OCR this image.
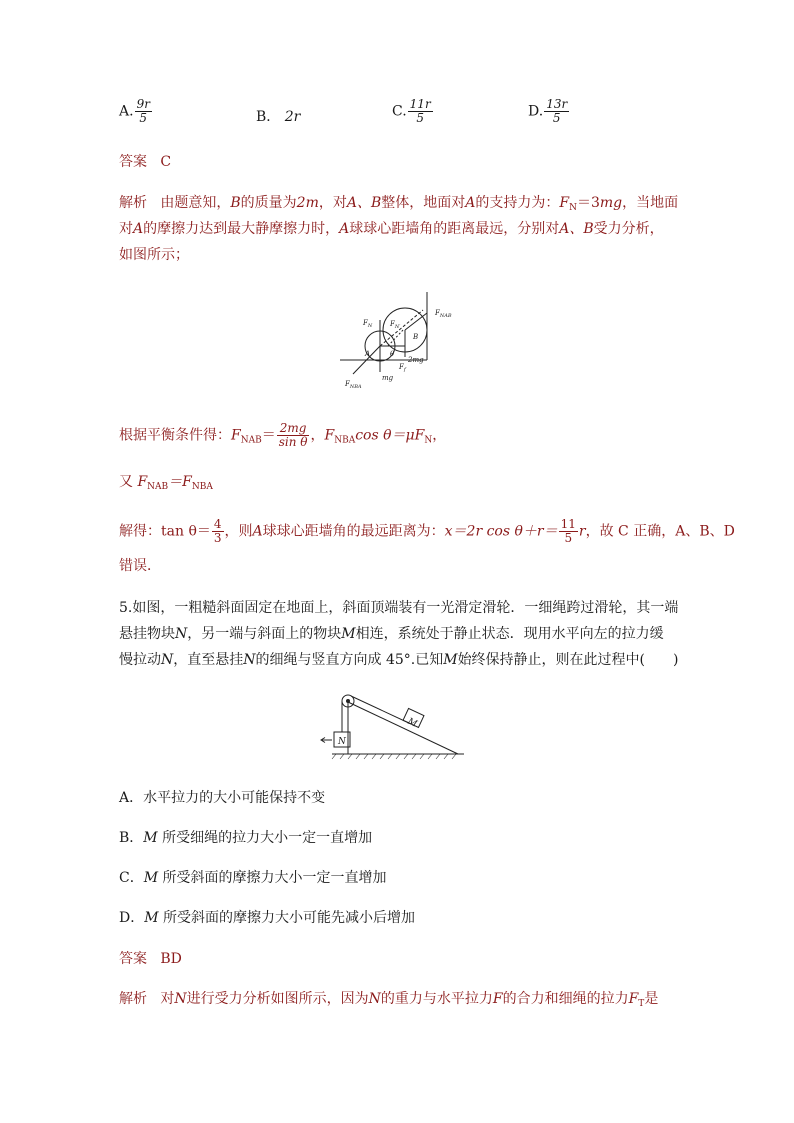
A. $\frac{9r}{5}$	B． 2r	C. $\frac{11r}{5}$	D. $\frac{13r}{5}$
答案 C
解析 由题意知，B的质量为2m，对A、B整体，地面对A的支持力为：$F_N=3mg$，当地面
对A的摩擦力达到最大静摩擦力时，A球球心距墙角的距离最远，分别对A、B受力分析，
如图所示；
$F_N$	$F_{N'}$
$F_{NAB}$
A
B
θ
2mg
mg
$F_f$
$F_{NBA}$
根据平衡条件得：$F_{NAB}= \frac{2mg}{\text{sin θ}}$ ，$F_{NBA}\cos$ $\theta=\mu F_N$，
又 $F_{NAB}=F_{NBA}$
解得：$\tan \theta= \frac{4}{3}$ ，则A球球心距墙角的最远距离为：x＝2r $\cos \theta+r= \frac{11}{5}$ r，故 C 正确，A、B、D
错误．
5.如图，一粗糙斜面固定在地面上，斜面顶端装有一光滑定滑轮．一细绳跨过滑轮，其一端
悬挂物块N，另一端与斜面上的物块M相连，系统处于静止状态．现用水平向左的拉力缓
慢拉动N，直至悬挂N的细绳与竖直方向成 45°.已知M始终保持静止，则在此过程中(　　)
N
M
A．水平拉力的大小可能保持不变
B．M 所受细绳的拉力大小一定一直增加
C．M 所受斜面的摩擦力大小一定一直增加
D．M 所受斜面的摩擦力大小可能先减小后增加
答案 BD
解析 对N进行受力分析如图所示，因为N的重力与水平拉力F的合力和细绳的拉力$F_T$是
